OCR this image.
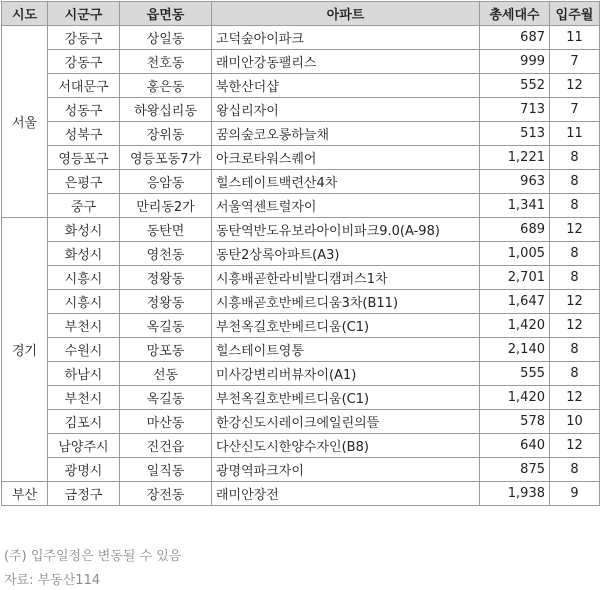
시도	시군구	읍면동	아파트	총세대수	입주월
서울	강동구	상일동	고덕숲아이파크	687	11
	강동구	천호동	래미안강동팰리스	999	7
	서대문구	홍은동	북한산더샵	552	12
	성동구	하왕십리동	왕십리자이	713	7
	성북구	장위동	꿈의숲코오롱하늘채	513	11
	영등포구	영등포동7가	아크로타워스퀘어	1,221	8
	은평구	응암동	힐스테이트백련산4차	963	8
	중구	만리동2가	서울역센트럴자이	1,341	8
경기	화성시	동탄면	동탄역반도유보라아이비파크9.0(A-98)	689	12
	화성시	영천동	동탄2상록아파트(A3)	1,005	8
	시흥시	정왕동	시흥배곧한라비발디캠퍼스1차	2,701	8
	시흥시	정왕동	시흥배곧호반베르디움3차(B11)	1,647	12
	부천시	옥길동	부천옥길호반베르디움(C1)	1,420	12
	수원시	망포동	힐스테이트영통	2,140	8
	하남시	선동	미사강변리버뷰자이(A1)	555	8
	부천시	옥길동	부천옥길호반베르디움(C1)	1,420	12
	김포시	마산동	한강신도시레이크에일린의뜰	578	10
	남양주시	진건읍	다산신도시한양수자인(B8)	640	12
	광명시	일직동	광명역파크자이	875	8
부산	금정구	장전동	래미안장전	1,938	9
(주) 입주일정은 변동될 수 있음
자료: 부동산114
